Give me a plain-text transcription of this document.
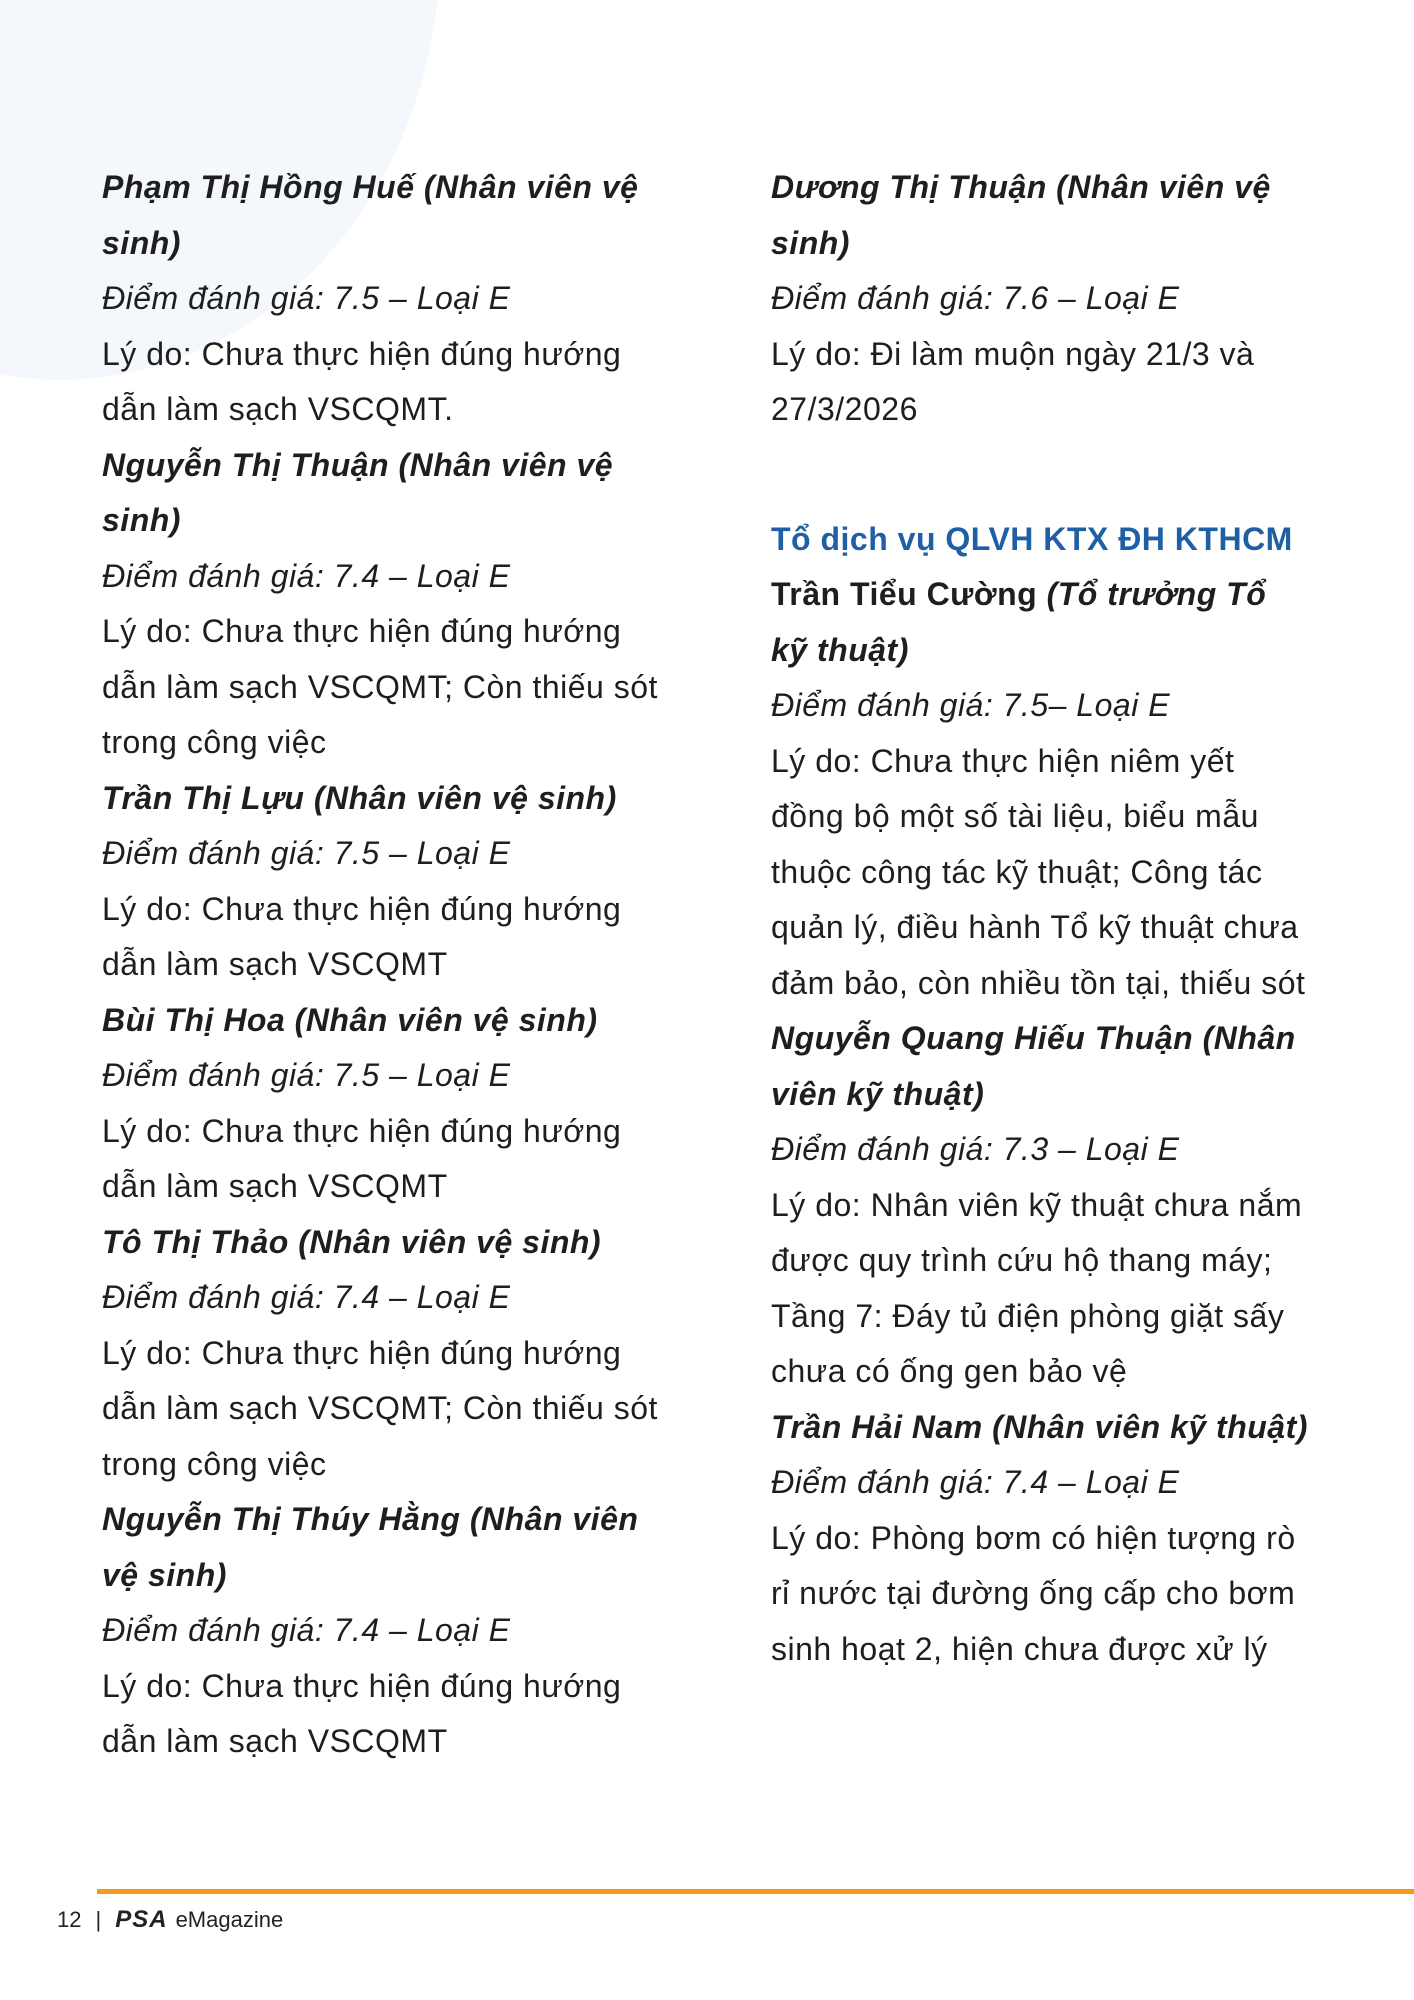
Phạm Thị Hồng Huế (Nhân viên vệ sinh)

Điểm đánh giá: 7.5 – Loại E

Lý do: Chưa thực hiện đúng hướng dẫn làm sạch VSCQMT.

Nguyễn Thị Thuận (Nhân viên vệ sinh)

Điểm đánh giá: 7.4 – Loại E

Lý do: Chưa thực hiện đúng hướng dẫn làm sạch VSCQMT; Còn thiếu sót trong công việc

Trần Thị Lựu (Nhân viên vệ sinh)

Điểm đánh giá: 7.5 – Loại E

Lý do: Chưa thực hiện đúng hướng dẫn làm sạch VSCQMT

Bùi Thị Hoa (Nhân viên vệ sinh)

Điểm đánh giá: 7.5 – Loại E

Lý do: Chưa thực hiện đúng hướng dẫn làm sạch VSCQMT

Tô Thị Thảo (Nhân viên vệ sinh)

Điểm đánh giá: 7.4 – Loại E

Lý do: Chưa thực hiện đúng hướng dẫn làm sạch VSCQMT; Còn thiếu sót trong công việc

Nguyễn Thị Thúy Hằng (Nhân viên vệ sinh)

Điểm đánh giá: 7.4 – Loại E

Lý do: Chưa thực hiện đúng hướng dẫn làm sạch VSCQMT

Dương Thị Thuận (Nhân viên vệ sinh)

Điểm đánh giá: 7.6 – Loại E

Lý do: Đi làm muộn ngày 21/3 và 27/3/2026

Tổ dịch vụ QLVH KTX ĐH KTHCM

Trần Tiểu Cường (Tổ trưởng Tổ kỹ thuật)

Điểm đánh giá: 7.5– Loại E

Lý do: Chưa thực hiện niêm yết đồng bộ một số tài liệu, biểu mẫu thuộc công tác kỹ thuật; Công tác quản lý, điều hành Tổ kỹ thuật chưa đảm bảo, còn nhiều tồn tại, thiếu sót

Nguyễn Quang Hiếu Thuận (Nhân viên kỹ thuật)

Điểm đánh giá: 7.3 – Loại E

Lý do: Nhân viên kỹ thuật chưa nắm được quy trình cứu hộ thang máy; Tầng 7: Đáy tủ điện phòng giặt sấy chưa có ống gen bảo vệ

Trần Hải Nam (Nhân viên kỹ thuật)

Điểm đánh giá: 7.4 – Loại E

Lý do: Phòng bơm có hiện tượng rò rỉ nước tại đường ống cấp cho bơm sinh hoạt 2, hiện chưa được xử lý

12 | PSA eMagazine
